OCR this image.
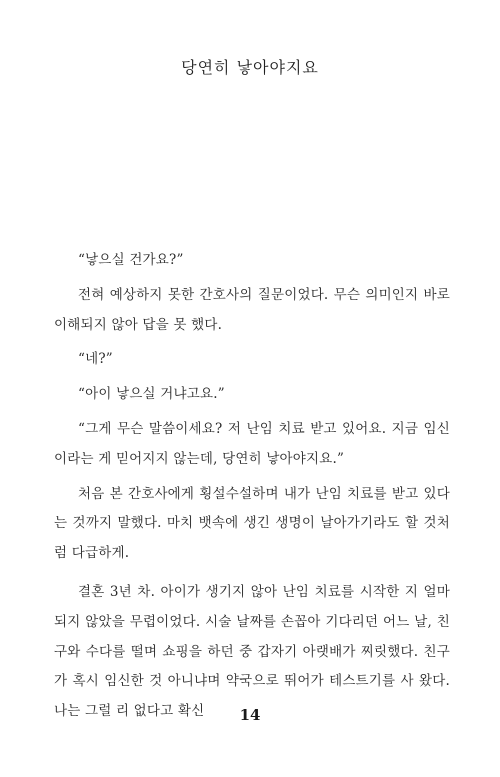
당연히 낳아야지요

“낳으실 건가요?”

전혀 예상하지 못한 간호사의 질문이었다. 무슨 의미인지 바로 이해되지 않아 답을 못 했다.

“네?”

“아이 낳으실 거냐고요.”

“그게 무슨 말씀이세요? 저 난임 치료 받고 있어요. 지금 임신이라는 게 믿어지지 않는데, 당연히 낳아야지요.”

처음 본 간호사에게 횡설수설하며 내가 난임 치료를 받고 있다는 것까지 말했다. 마치 뱃속에 생긴 생명이 날아가기라도 할 것처럼 다급하게.

결혼 3년 차. 아이가 생기지 않아 난임 치료를 시작한 지 얼마 되지 않았을 무렵이었다. 시술 날짜를 손꼽아 기다리던 어느 날, 친구와 수다를 떨며 쇼핑을 하던 중 갑자기 아랫배가 찌릿했다. 친구가 혹시 임신한 것 아니냐며 약국으로 뛰어가 테스트기를 사 왔다. 나는 그럴 리 없다고 확신	14
